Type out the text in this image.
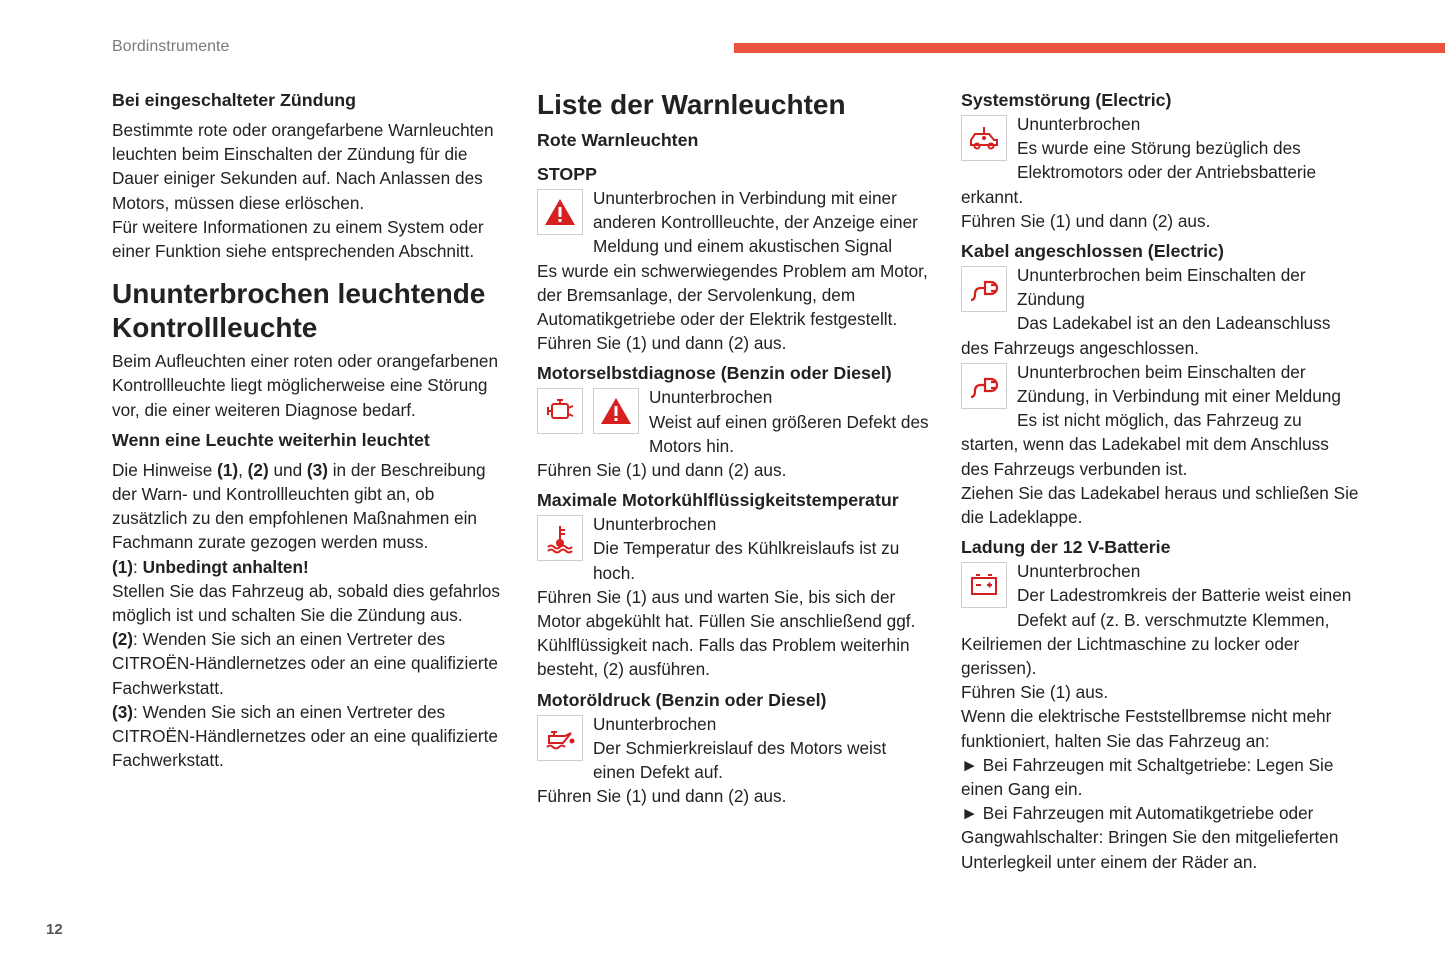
Bordinstrumente

Bei eingeschalteter Zündung

Bestimmte rote oder orangefarbene Warnleuchten leuchten beim Einschalten der Zündung für die Dauer einiger Sekunden auf. Nach Anlassen des Motors, müssen diese erlöschen.

Für weitere Informationen zu einem System oder einer Funktion siehe entsprechenden Abschnitt.

Ununterbrochen leuchtende Kontrollleuchte

Beim Aufleuchten einer roten oder orangefarbenen Kontrollleuchte liegt möglicherweise eine Störung vor, die einer weiteren Diagnose bedarf.

Wenn eine Leuchte weiterhin leuchtet

Die Hinweise (1), (2) und (3) in der Beschreibung der Warn- und Kontrollleuchten gibt an, ob zusätzlich zu den empfohlenen Maßnahmen ein Fachmann zurate gezogen werden muss.

(1): Unbedingt anhalten!

Stellen Sie das Fahrzeug ab, sobald dies gefahrlos möglich ist und schalten Sie die Zündung aus.

(2): Wenden Sie sich an einen Vertreter des CITROËN-Händlernetzes oder an eine qualifizierte Fachwerkstatt.

(3): Wenden Sie sich an einen Vertreter des CITROËN-Händlernetzes oder an eine qualifizierte Fachwerkstatt.

Liste der Warnleuchten

Rote Warnleuchten

STOPP

Ununterbrochen in Verbindung mit einer anderen Kontrollleuchte, der Anzeige einer Meldung und einem akustischen Signal

Es wurde ein schwerwiegendes Problem am Motor, der Bremsanlage, der Servolenkung, dem Automatikgetriebe oder der Elektrik festgestellt.

Führen Sie (1) und dann (2) aus.

Motorselbstdiagnose (Benzin oder Diesel)

Ununterbrochen

Weist auf einen größeren Defekt des Motors hin.

Führen Sie (1) und dann (2) aus.

Maximale Motorkühlflüssigkeitstemperatur

Ununterbrochen

Die Temperatur des Kühlkreislaufs ist zu hoch.

Führen Sie (1) aus und warten Sie, bis sich der Motor abgekühlt hat. Füllen Sie anschließend ggf. Kühlflüssigkeit nach. Falls das Problem weiterhin besteht, (2) ausführen.

Motoröldruck (Benzin oder Diesel)

Ununterbrochen

Der Schmierkreislauf des Motors weist einen Defekt auf.

Führen Sie (1) und dann (2) aus.

Systemstörung (Electric)

Ununterbrochen

Es wurde eine Störung bezüglich des Elektromotors oder der Antriebsbatterie erkannt.

Führen Sie (1) und dann (2) aus.

Kabel angeschlossen (Electric)

Ununterbrochen beim Einschalten der Zündung

Das Ladekabel ist an den Ladeanschluss des Fahrzeugs angeschlossen.

Ununterbrochen beim Einschalten der Zündung, in Verbindung mit einer Meldung

Es ist nicht möglich, das Fahrzeug zu starten, wenn das Ladekabel mit dem Anschluss des Fahrzeugs verbunden ist.

Ziehen Sie das Ladekabel heraus und schließen Sie die Ladeklappe.

Ladung der 12 V-Batterie

Ununterbrochen

Der Ladestromkreis der Batterie weist einen Defekt auf (z. B. verschmutzte Klemmen, Keilriemen der Lichtmaschine zu locker oder gerissen).

Führen Sie (1) aus.

Wenn die elektrische Feststellbremse nicht mehr funktioniert, halten Sie das Fahrzeug an:

► Bei Fahrzeugen mit Schaltgetriebe: Legen Sie einen Gang ein.

► Bei Fahrzeugen mit Automatikgetriebe oder Gangwahlschalter: Bringen Sie den mitgelieferten Unterlegkeil unter einem der Räder an.

12
